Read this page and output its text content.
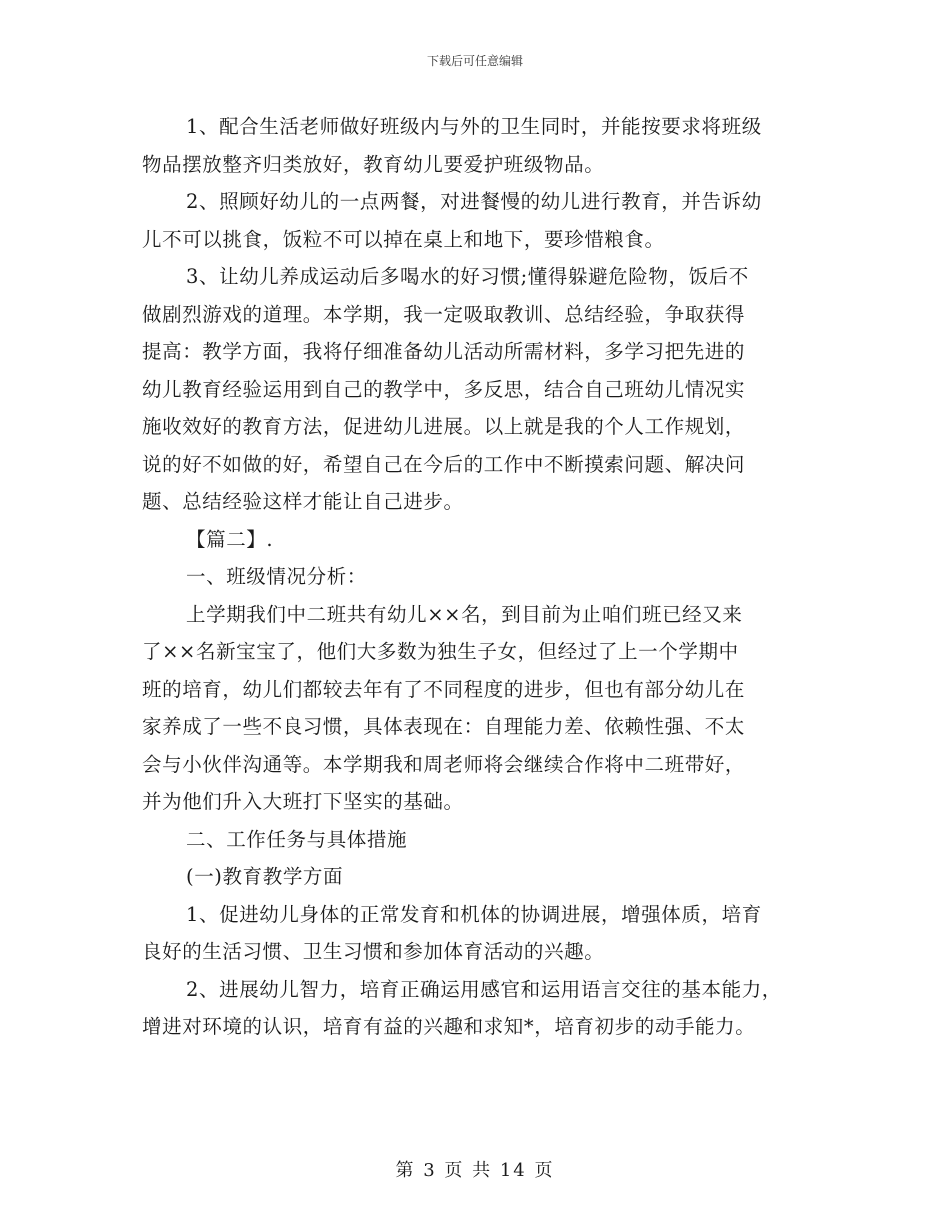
下载后可任意编辑
1、配合生活老师做好班级内与外的卫生同时，并能按要求将班级
物品摆放整齐归类放好，教育幼儿要爱护班级物品。
2、照顾好幼儿的一点两餐，对进餐慢的幼儿进行教育，并告诉幼
儿不可以挑食，饭粒不可以掉在桌上和地下，要珍惜粮食。
3、让幼儿养成运动后多喝水的好习惯;懂得躲避危险物，饭后不
做剧烈游戏的道理。本学期，我一定吸取教训、总结经验，争取获得
提高：教学方面，我将仔细准备幼儿活动所需材料，多学习把先进的
幼儿教育经验运用到自己的教学中，多反思，结合自己班幼儿情况实
施收效好的教育方法，促进幼儿进展。以上就是我的个人工作规划，
说的好不如做的好，希望自己在今后的工作中不断摸索问题、解决问
题、总结经验这样才能让自己进步。
【篇二】.
一、班级情况分析：
上学期我们中二班共有幼儿××名，到目前为止咱们班已经又来
了××名新宝宝了，他们大多数为独生子女，但经过了上一个学期中
班的培育，幼儿们都较去年有了不同程度的进步，但也有部分幼儿在
家养成了一些不良习惯，具体表现在：自理能力差、依赖性强、不太
会与小伙伴沟通等。本学期我和周老师将会继续合作将中二班带好，
并为他们升入大班打下坚实的基础。
二、工作任务与具体措施
(一)教育教学方面
1、促进幼儿身体的正常发育和机体的协调进展，增强体质，培育
良好的生活习惯、卫生习惯和参加体育活动的兴趣。
2、进展幼儿智力，培育正确运用感官和运用语言交往的基本能力，
增进对环境的认识，培育有益的兴趣和求知*，培育初步的动手能力。
第 3 页 共 14 页
